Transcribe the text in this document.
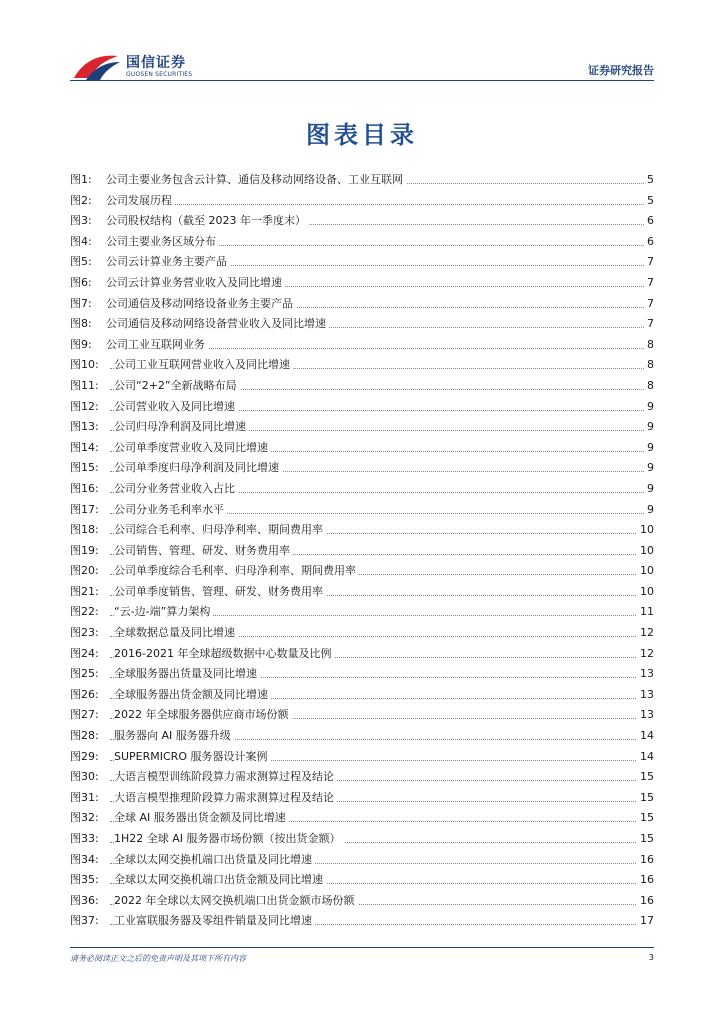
国信证券
GUOSEN SECURITIES	证券研究报告
图表目录
图1: 公司主要业务包含云计算、通信及移动网络设备、工业互联网	5
图2: 公司发展历程	5
图3: 公司股权结构（截至 2023 年一季度末）	6
图4: 公司主要业务区域分布	6
图5: 公司云计算业务主要产品	7
图6: 公司云计算业务营业收入及同比增速	7
图7: 公司通信及移动网络设备业务主要产品	7
图8: 公司通信及移动网络设备营业收入及同比增速	7
图9: 公司工业互联网业务	8
图10: 公司工业互联网营业收入及同比增速	8
图11: 公司“2+2”全新战略布局	8
图12: 公司营业收入及同比增速	9
图13: 公司归母净利润及同比增速	9
图14: 公司单季度营业收入及同比增速	9
图15: 公司单季度归母净利润及同比增速	9
图16: 公司分业务营业收入占比	9
图17: 公司分业务毛利率水平	9
图18: 公司综合毛利率、归母净利率、期间费用率	10
图19: 公司销售、管理、研发、财务费用率	10
图20: 公司单季度综合毛利率、归母净利率、期间费用率	10
图21: 公司单季度销售、管理、研发、财务费用率	10
图22: “云-边-端”算力架构	11
图23: 全球数据总量及同比增速	12
图24: 2016-2021 年全球超级数据中心数量及比例	12
图25: 全球服务器出货量及同比增速	13
图26: 全球服务器出货金额及同比增速	13
图27: 2022 年全球服务器供应商市场份额	13
图28: 服务器向 AI 服务器升级	14
图29: SUPERMICRO 服务器设计案例	14
图30: 大语言模型训练阶段算力需求测算过程及结论	15
图31: 大语言模型推理阶段算力需求测算过程及结论	15
图32: 全球 AI 服务器出货金额及同比增速	15
图33: 1H22 全球 AI 服务器市场份额（按出货金额）	15
图34: 全球以太网交换机端口出货量及同比增速	16
图35: 全球以太网交换机端口出货金额及同比增速	16
图36: 2022 年全球以太网交换机端口出货金额市场份额	16
图37: 工业富联服务器及零组件销量及同比增速	17
请务必阅读正文之后的免责声明及其项下所有内容	3
